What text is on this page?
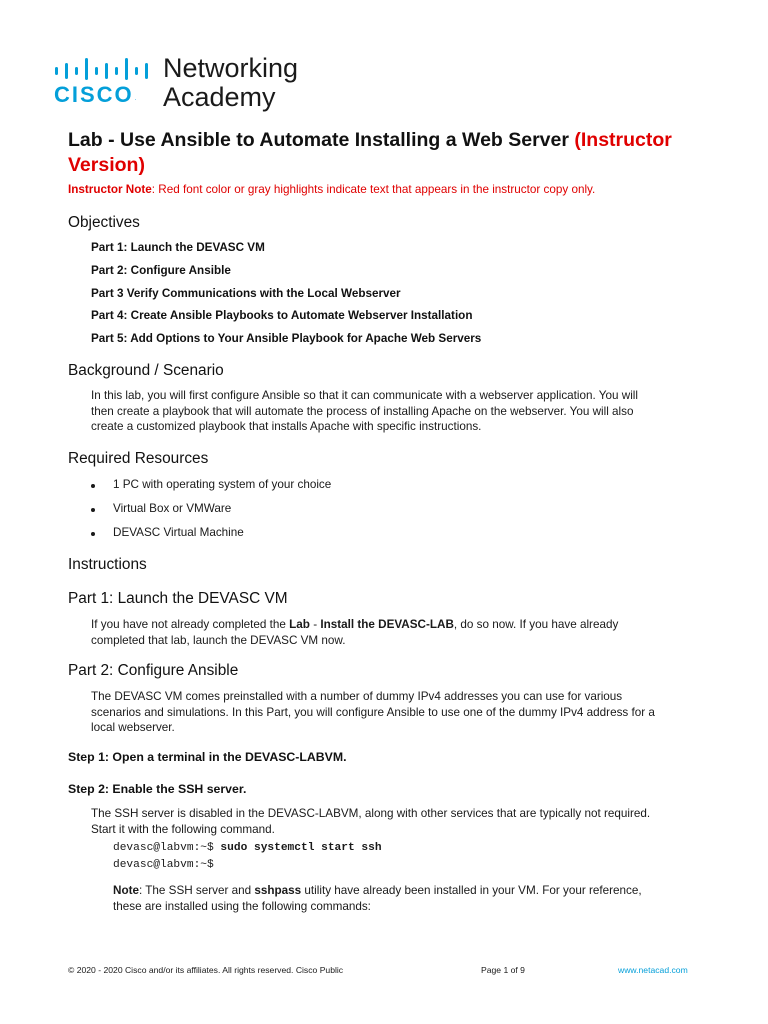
CISCO.
Networking
Academy
Lab - Use Ansible to Automate Installing a Web Server (Instructor
Version)
Instructor Note: Red font color or gray highlights indicate text that appears in the instructor copy only.
Objectives
Part 1: Launch the DEVASC VM
Part 2: Configure Ansible
Part 3 Verify Communications with the Local Webserver
Part 4: Create Ansible Playbooks to Automate Webserver Installation
Part 5: Add Options to Your Ansible Playbook for Apache Web Servers
Background / Scenario
In this lab, you will first configure Ansible so that it can communicate with a webserver application. You will
then create a playbook that will automate the process of installing Apache on the webserver. You will also
create a customized playbook that installs Apache with specific instructions.
Required Resources
1 PC with operating system of your choice
Virtual Box or VMWare
DEVASC Virtual Machine
Instructions
Part 1: Launch the DEVASC VM
If you have not already completed the Lab - Install the DEVASC-LAB, do so now. If you have already
completed that lab, launch the DEVASC VM now.
Part 2: Configure Ansible
The DEVASC VM comes preinstalled with a number of dummy IPv4 addresses you can use for various
scenarios and simulations. In this Part, you will configure Ansible to use one of the dummy IPv4 address for a
local webserver.
Step 1: Open a terminal in the DEVASC-LABVM.
Step 2: Enable the SSH server.
The SSH server is disabled in the DEVASC-LABVM, along with other services that are typically not required.
Start it with the following command.
devasc@labvm:~$ sudo systemctl start ssh
devasc@labvm:~$
Note: The SSH server and sshpass utility have already been installed in your VM. For your reference,
these are installed using the following commands:
© 2020 - 2020 Cisco and/or its affiliates. All rights reserved. Cisco Public	Page 1 of 9	www.netacad.com
